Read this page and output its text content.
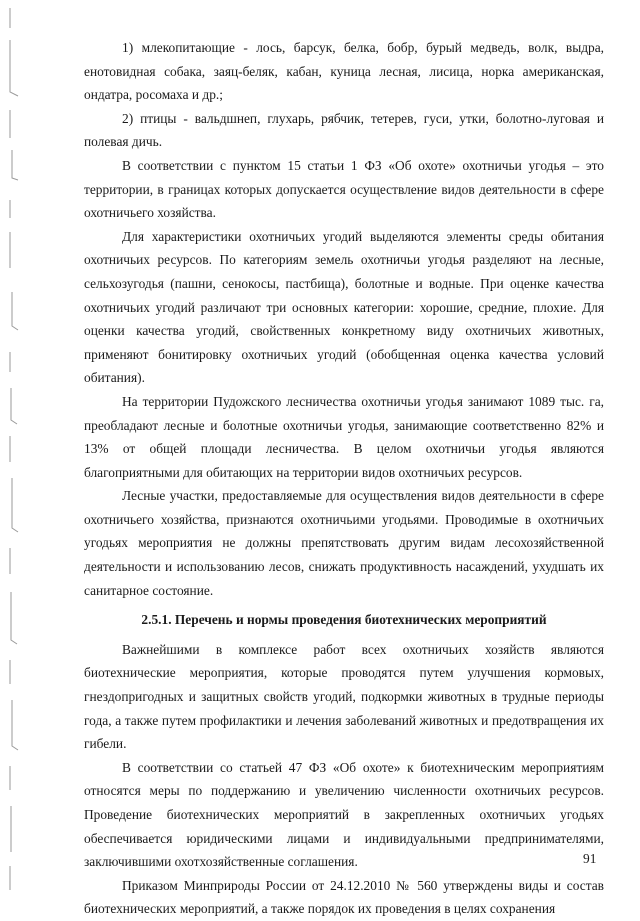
1) млекопитающие - лось, барсук, белка, бобр, бурый медведь, волк, выдра, енотовидная собака, заяц-беляк, кабан, куница лесная, лисица, норка американская, ондатра, росомаха и др.;

2) птицы - вальдшнеп, глухарь, рябчик, тетерев, гуси, утки, болотно-луговая и полевая дичь.

В соответствии с пунктом 15 статьи 1 ФЗ «Об охоте» охотничьи угодья – это территории, в границах которых допускается осуществление видов деятельности в сфере охотничьего хозяйства.

Для характеристики охотничьих угодий выделяются элементы среды обитания охотничьих ресурсов. По категориям земель охотничьи угодья разделяют на лесные, сельхозугодья (пашни, сенокосы, пастбища), болотные и водные. При оценке качества охотничьих угодий различают три основных категории: хорошие, средние, плохие. Для оценки качества угодий, свойственных конкретному виду охотничьих животных, применяют бонитировку охотничьих угодий (обобщенная оценка качества условий обитания).

На территории Пудожского лесничества охотничьи угодья занимают 1089 тыс. га, преобладают лесные и болотные охотничьи угодья, занимающие соответственно 82% и 13% от общей площади лесничества. В целом охотничьи угодья являются благоприятными для обитающих на территории видов охотничьих ресурсов.

Лесные участки, предоставляемые для осуществления видов деятельности в сфере охотничьего хозяйства, признаются охотничьими угодьями. Проводимые в охотничьих угодьях мероприятия не должны препятствовать другим видам лесохозяйственной деятельности и использованию лесов, снижать продуктивность насаждений, ухудшать их санитарное состояние.

2.5.1. Перечень и нормы проведения биотехнических мероприятий

Важнейшими в комплексе работ всех охотничьих хозяйств являются биотехнические мероприятия, которые проводятся путем улучшения кормовых, гнездопригодных и защитных свойств угодий, подкормки животных в трудные периоды года, а также путем профилактики и лечения заболеваний животных и предотвращения их гибели.

В соответствии со статьей 47 ФЗ «Об охоте» к биотехническим мероприятиям относятся меры по поддержанию и увеличению численности охотничьих ресурсов. Проведение биотехнических мероприятий в закрепленных охотничьих угодьях обеспечивается юридическими лицами и индивидуальными предпринимателями, заключившими охотхозяйственные соглашения.

Приказом Минприроды России от 24.12.2010 № 560 утверждены виды и состав биотехнических мероприятий, а также порядок их проведения в целях сохранения

91
